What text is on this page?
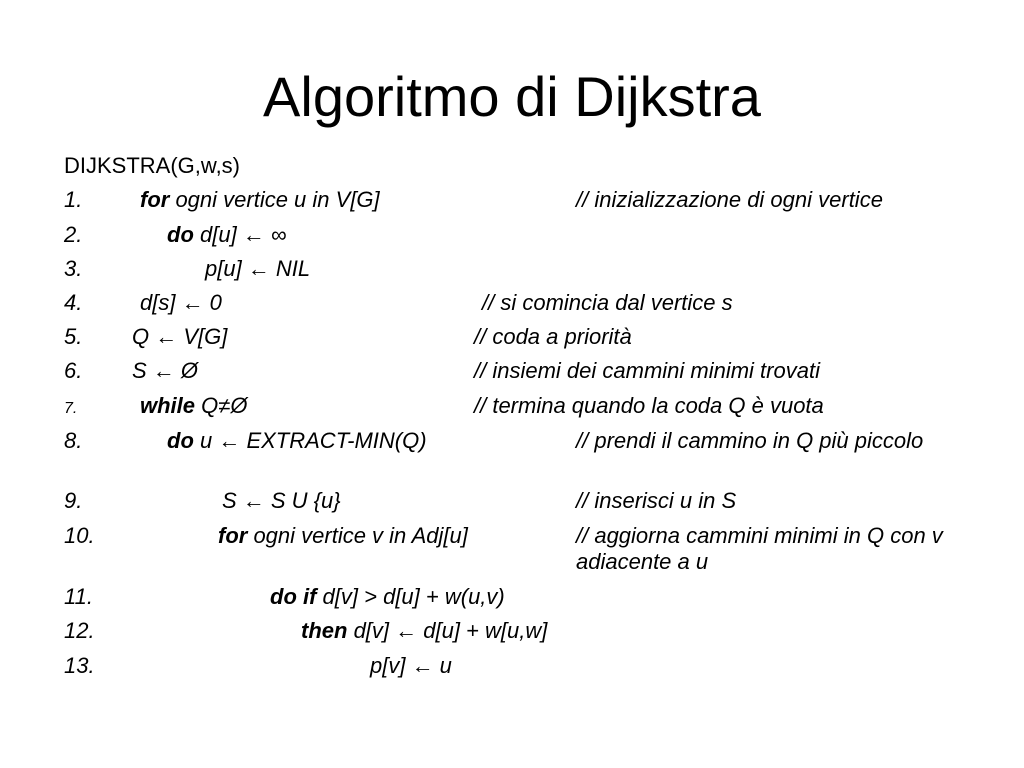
Algoritmo di Dijkstra
DIJKSTRA(G,w,s)
1.	for ogni vertice u in V[G]	// inizializzazione di ogni vertice
2.	do d[u] ← ∞
3.	p[u] ← NIL
4.	d[s] ← 0	// si comincia dal vertice s
5. Q ← V[G]	// coda a priorità
6. S ← Ø	// insiemi dei cammini minimi trovati
7.	while Q≠Ø	// termina quando la coda Q è vuota
8.	do u ← EXTRACT-MIN(Q)	// prendi il cammino in Q più piccolo
9.	S ← S U {u}	// inserisci u in S
10.	for ogni vertice v in Adj[u]	// aggiorna cammini minimi in Q con v adiacente a u
11.	do if d[v] > d[u] + w(u,v)
12.	then d[v] ← d[u] + w[u,w]
13.	p[v] ← u
